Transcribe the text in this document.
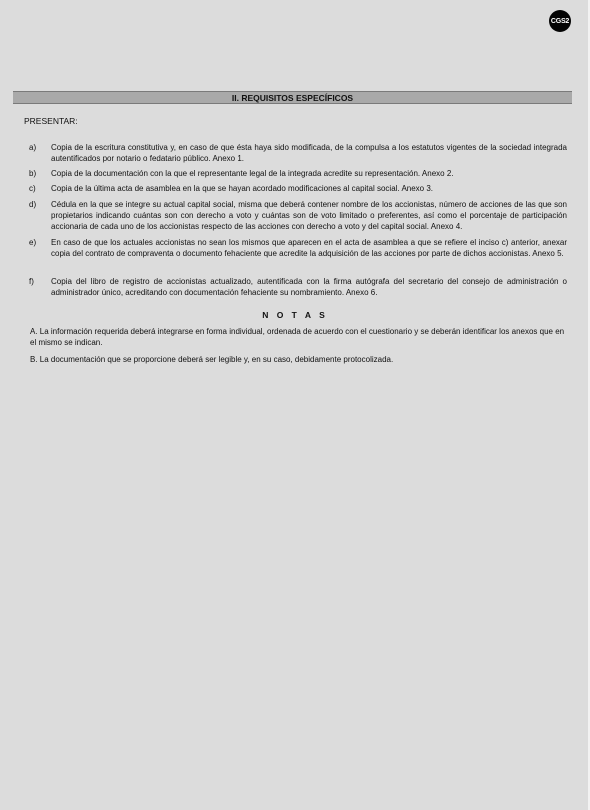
CGS2
II. REQUISITOS ESPECÍFICOS
PRESENTAR:
a) Copia de la escritura constitutiva y, en caso de que ésta haya sido modificada, de la compulsa a los estatutos vigentes de la sociedad integrada autentificados por notario o fedatario público. Anexo 1.
b) Copia de la documentación con la que el representante legal de la integrada acredite su representación. Anexo 2.
c) Copia de la última acta de asamblea en la que se hayan acordado modificaciones al capital social. Anexo 3.
d) Cédula en la que se integre su actual capital social, misma que deberá contener nombre de los accionistas, número de acciones de las que son propietarios indicando cuántas son con derecho a voto y cuántas son de voto limitado o preferentes, así como el porcentaje de participación accionaria de cada uno de los accionistas respecto de las acciones con derecho a voto y del capital social. Anexo 4.
e) En caso de que los actuales accionistas no sean los mismos que aparecen en el acta de asamblea a que se refiere el inciso c) anterior, anexar copia del contrato de compraventa o documento fehaciente que acredite la adquisición de las acciones por parte de dichos accionistas. Anexo 5.
f) Copia del libro de registro de accionistas actualizado, autentificada con la firma autógrafa del secretario del consejo de administración o administrador único, acreditando con documentación fehaciente su nombramiento. Anexo 6.
N O T A S
A. La información requerida deberá integrarse en forma individual, ordenada de acuerdo con el cuestionario y se deberán identificar los anexos que en el mismo se indican.
B. La documentación que se proporcione deberá ser legible y, en su caso, debidamente protocolizada.
